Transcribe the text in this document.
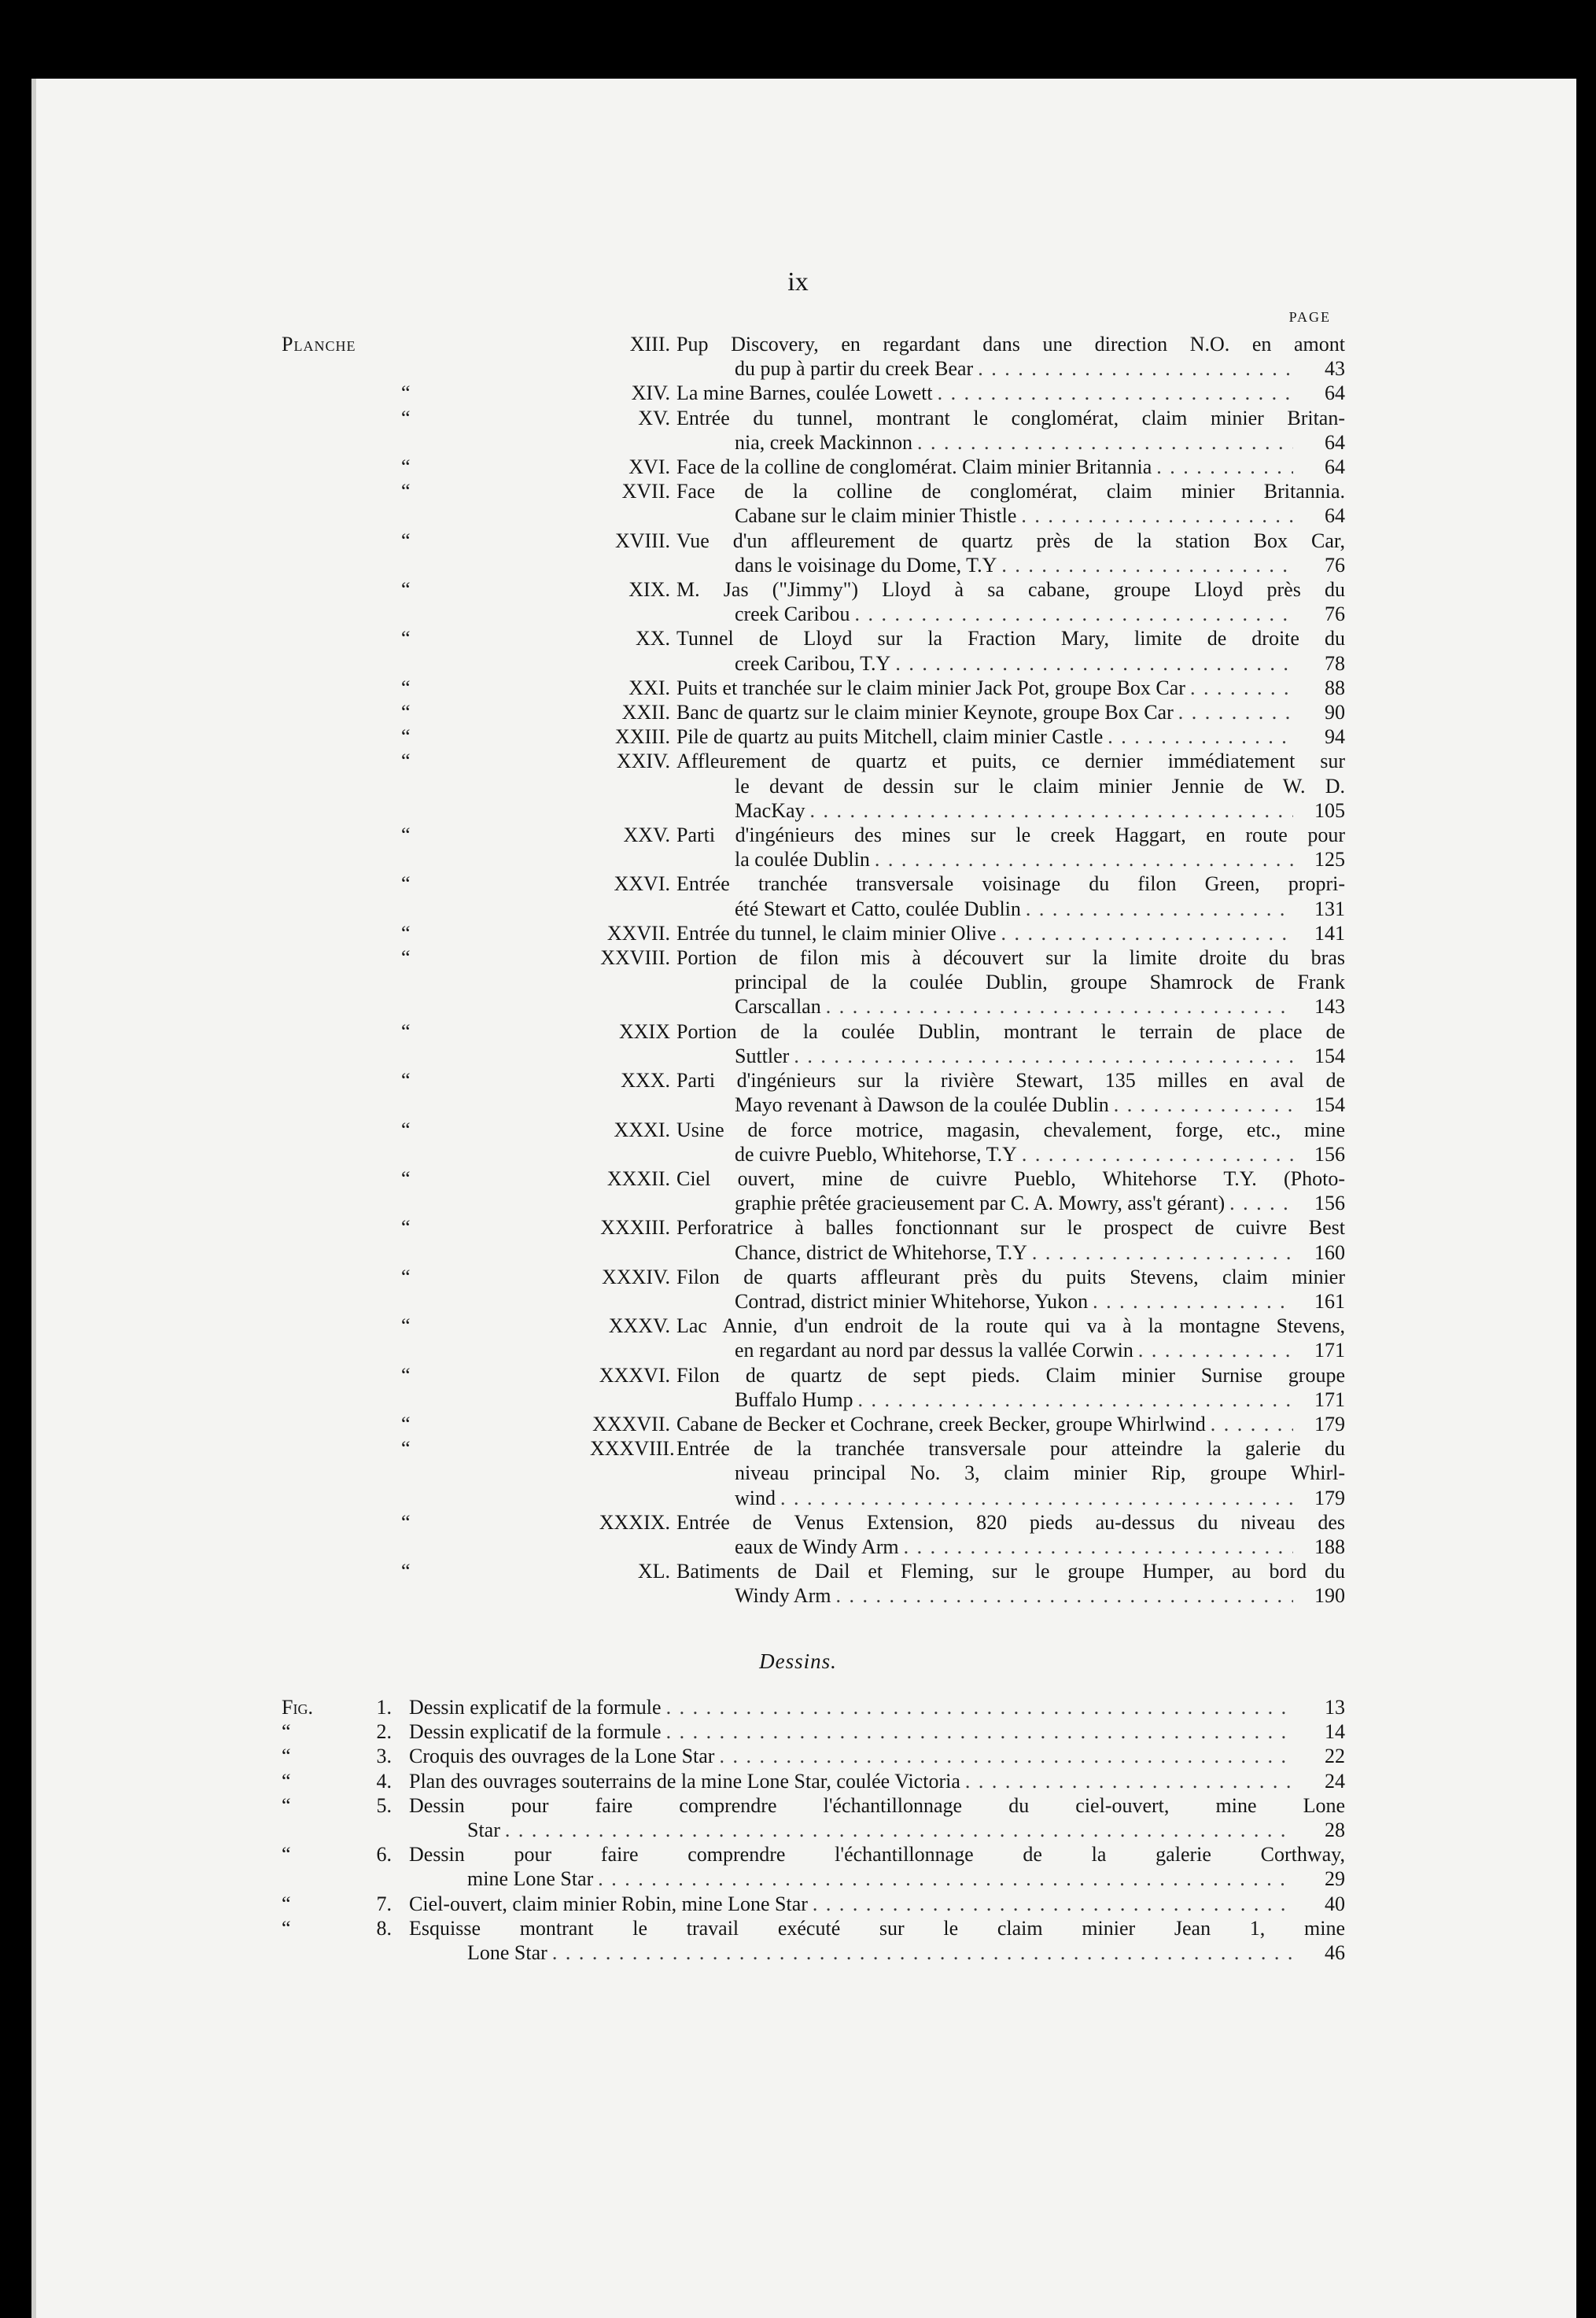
ix
PAGE
Planche	XIII. Pup Discovery, en regardant dans une direction N.O. en amont
du pup à partir du creek Bear . . .	43
“	XIV. La mine Barnes, coulée Lowett . . .	64
“	XV. Entrée du tunnel, montrant le conglomérat, claim minier Britan-
nia, creek Mackinnon . . .	64
“	XVI. Face de la colline de conglomérat. Claim minier Britannia . . .	64
“	XVII. Face de la colline de conglomérat, claim minier Britannia.
Cabane sur le claim minier Thistle . . .	64
“	XVIII. Vue d'un affleurement de quartz près de la station Box Car,
dans le voisinage du Dome, T.Y . . .	76
“	XIX. M. Jas ("Jimmy") Lloyd à sa cabane, groupe Lloyd près du
creek Caribou . . .	76
“	XX. Tunnel de Lloyd sur la Fraction Mary, limite de droite du
creek Caribou, T.Y . . .	78
“	XXI. Puits et tranchée sur le claim minier Jack Pot, groupe Box Car . . .	88
“	XXII. Banc de quartz sur le claim minier Keynote, groupe Box Car . . .	90
“	XXIII. Pile de quartz au puits Mitchell, claim minier Castle . . .	94
“	XXIV. Affleurement de quartz et puits, ce dernier immédiatement sur
le devant de dessin sur le claim minier Jennie de W. D.
MacKay . . .	105
“	XXV. Parti d'ingénieurs des mines sur le creek Haggart, en route pour
la coulée Dublin . . .	125
“	XXVI. Entrée tranchée transversale voisinage du filon Green, propri-
été Stewart et Catto, coulée Dublin . . .	131
“	XXVII. Entrée du tunnel, le claim minier Olive . . .	141
“	XXVIII. Portion de filon mis à découvert sur la limite droite du bras
principal de la coulée Dublin, groupe Shamrock de Frank
Carscallan . . .	143
“	XXIX Portion de la coulée Dublin, montrant le terrain de place de
Suttler . . .	154
“	XXX. Parti d'ingénieurs sur la rivière Stewart, 135 milles en aval de
Mayo revenant à Dawson de la coulée Dublin . . .	154
“	XXXI. Usine de force motrice, magasin, chevalement, forge, etc., mine
de cuivre Pueblo, Whitehorse, T.Y . . .	156
“	XXXII. Ciel ouvert, mine de cuivre Pueblo, Whitehorse T.Y. (Photo-
graphie prêtée gracieusement par C. A. Mowry, ass't gérant) . . .	156
“	XXXIII. Perforatrice à balles fonctionnant sur le prospect de cuivre Best
Chance, district de Whitehorse, T.Y . . .	160
“	XXXIV. Filon de quarts affleurant près du puits Stevens, claim minier
Contrad, district minier Whitehorse, Yukon . . .	161
“	XXXV. Lac Annie, d'un endroit de la route qui va à la montagne Stevens,
en regardant au nord par dessus la vallée Corwin . . .	171
“	XXXVI. Filon de quartz de sept pieds. Claim minier Surnise groupe
Buffalo Hump . . .	171
“	XXXVII. Cabane de Becker et Cochrane, creek Becker, groupe Whirlwind . . .	179
“	XXXVIII. Entrée de la tranchée transversale pour atteindre la galerie du
niveau principal No. 3, claim minier Rip, groupe Whirl-
wind . . .	179
“	XXXIX. Entrée de Venus Extension, 820 pieds au-dessus du niveau des
eaux de Windy Arm . . .	188
“	XL. Batiments de Dail et Fleming, sur le groupe Humper, au bord du
Windy Arm . . .	190
Dessins.
Fig.	1. Dessin explicatif de la formule . . .	13
“	2. Dessin explicatif de la formule . . .	14
“	3. Croquis des ouvrages de la Lone Star . . .	22
“	4. Plan des ouvrages souterrains de la mine Lone Star, coulée Victoria . . .	24
“	5. Dessin pour faire comprendre l'échantillonnage du ciel-ouvert, mine Lone
Star . . .	28
“	6. Dessin pour faire comprendre l'échantillonnage de la galerie Corthway,
mine Lone Star . . .	29
“	7. Ciel-ouvert, claim minier Robin, mine Lone Star . . .	40
“	8. Esquisse montrant le travail exécuté sur le claim minier Jean 1, mine
Lone Star . . .	46
